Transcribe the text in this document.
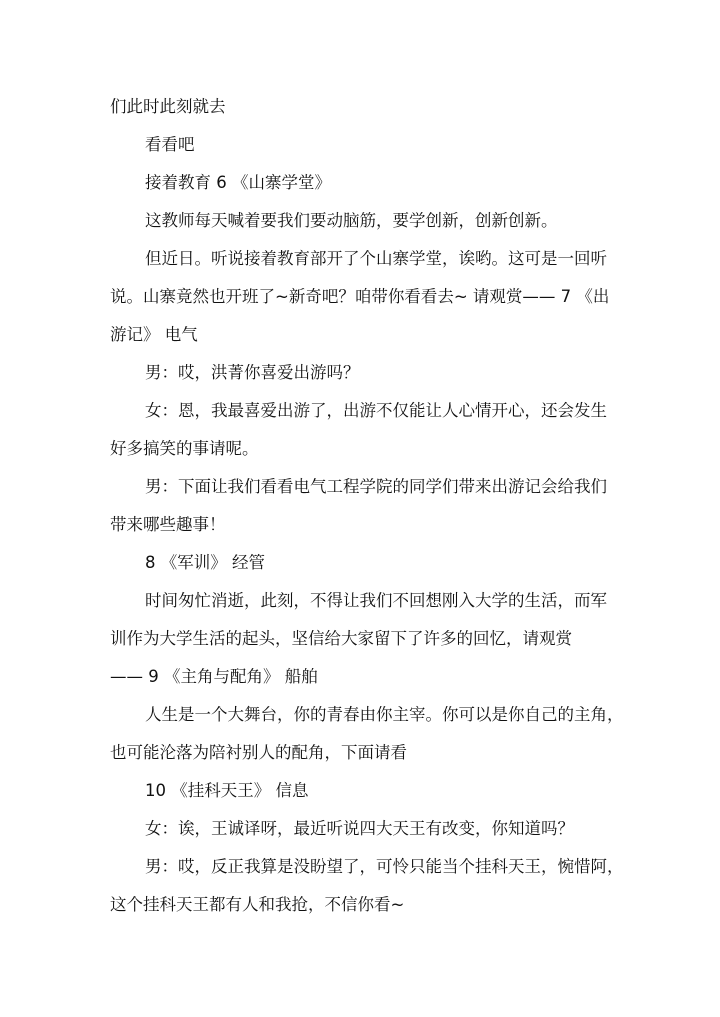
们此时此刻就去
看看吧
接着教育 6 《山寨学堂》
这教师每天喊着要我们要动脑筋，要学创新，创新创新。
但近日。听说接着教育部开了个山寨学堂，诶哟。这可是一回听
说。山寨竟然也开班了~新奇吧？咱带你看看去~ 请观赏—— 7 《出
游记》 电气
男：哎，洪菁你喜爱出游吗？
女：恩，我最喜爱出游了，出游不仅能让人心情开心，还会发生
好多搞笑的事请呢。
男：下面让我们看看电气工程学院的同学们带来出游记会给我们
带来哪些趣事！
8 《军训》 经管
时间匆忙消逝，此刻，不得让我们不回想刚入大学的生活，而军
训作为大学生活的起头，坚信给大家留下了许多的回忆，请观赏
—— 9 《主角与配角》 船舶
人生是一个大舞台，你的青春由你主宰。你可以是你自己的主角，
也可能沦落为陪衬别人的配角，下面请看
10 《挂科天王》 信息
女：诶，王诚译呀，最近听说四大天王有改变，你知道吗？
男：哎，反正我算是没盼望了，可怜只能当个挂科天王，惋惜阿，
这个挂科天王都有人和我抢，不信你看~
